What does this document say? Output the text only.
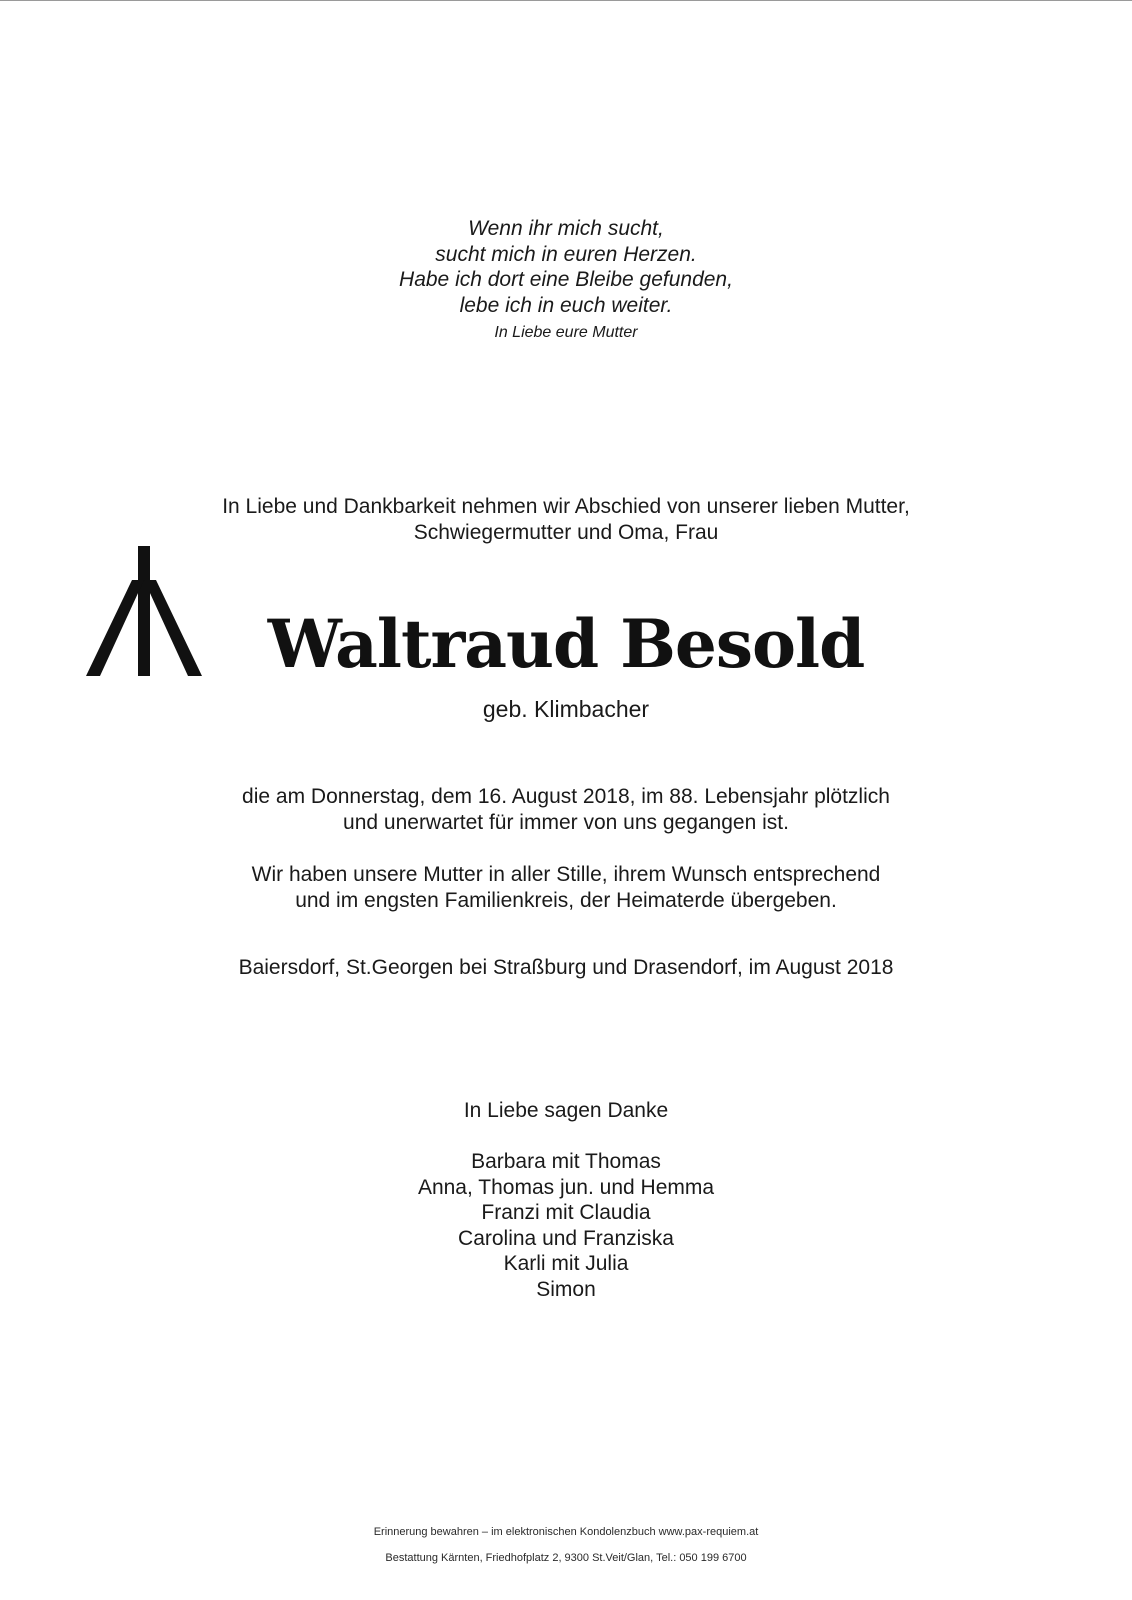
Wenn ihr mich sucht,
sucht mich in euren Herzen.
Habe ich dort eine Bleibe gefunden,
lebe ich in euch weiter.
In Liebe eure Mutter
In Liebe und Dankbarkeit nehmen wir Abschied von unserer lieben Mutter,
Schwiegermutter und Oma, Frau
Waltraud Besold
geb. Klimbacher
die am Donnerstag, dem 16. August 2018, im 88. Lebensjahr plötzlich
und unerwartet für immer von uns gegangen ist.
Wir haben unsere Mutter in aller Stille, ihrem Wunsch entsprechend
und im engsten Familienkreis, der Heimaterde übergeben.
Baiersdorf, St.Georgen bei Straßburg und Drasendorf, im August 2018
In Liebe sagen Danke
Barbara mit Thomas
Anna, Thomas jun. und Hemma
Franzi mit Claudia
Carolina und Franziska
Karli mit Julia
Simon
Erinnerung bewahren – im elektronischen Kondolenzbuch www.pax-requiem.at
Bestattung Kärnten, Friedhofplatz 2, 9300 St.Veit/Glan, Tel.: 050 199 6700
